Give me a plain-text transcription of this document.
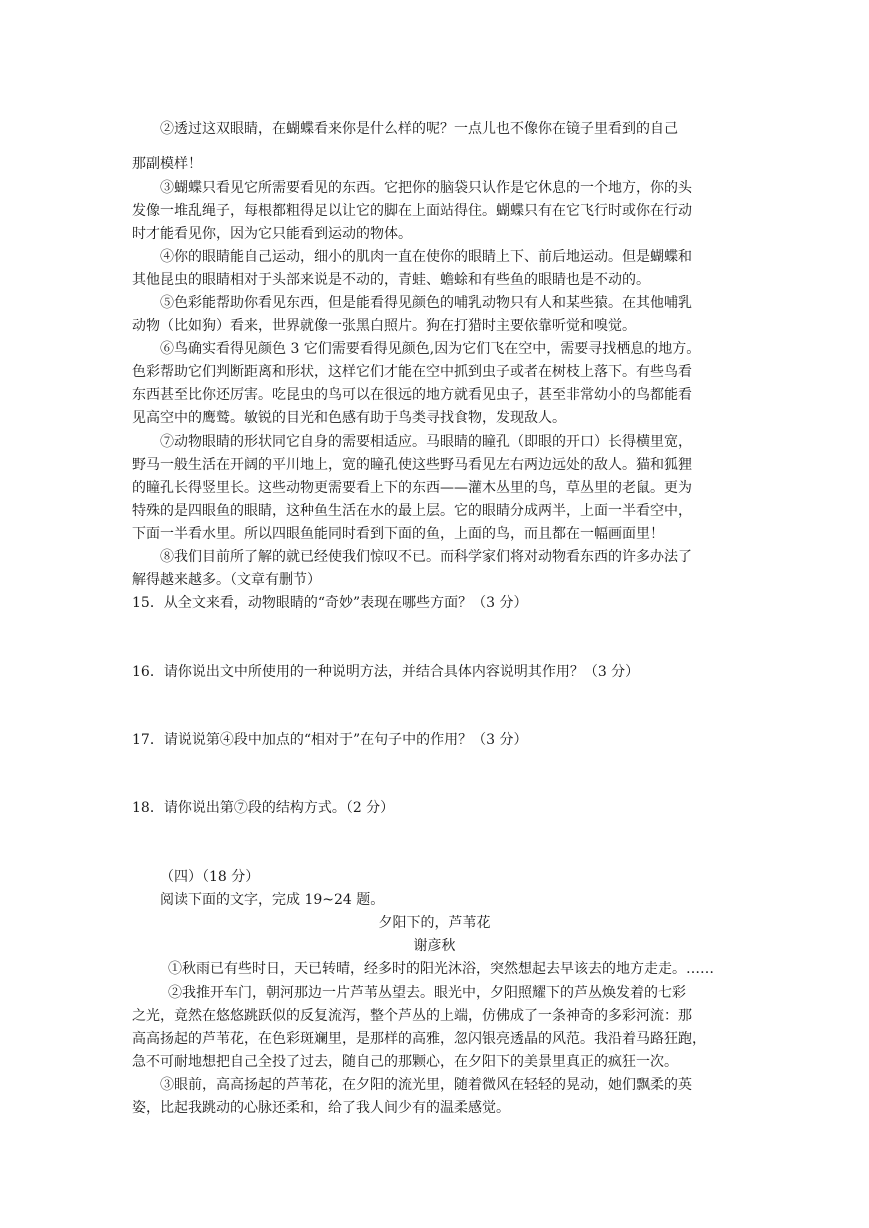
②透过这双眼睛，在蝴蝶看来你是什么样的呢？一点儿也不像你在镜子里看到的自己
那副模样！
③蝴蝶只看见它所需要看见的东西。它把你的脑袋只认作是它休息的一个地方，你的头
发像一堆乱绳子，每根都粗得足以让它的脚在上面站得住。蝴蝶只有在它飞行时或你在行动
时才能看见你，因为它只能看到运动的物体。
④你的眼睛能自己运动，细小的肌肉一直在使你的眼睛上下、前后地运动。但是蝴蝶和
其他昆虫的眼睛相对于头部来说是不动的，青蛙、蟾蜍和有些鱼的眼睛也是不动的。
⑤色彩能帮助你看见东西，但是能看得见颜色的哺乳动物只有人和某些猿。在其他哺乳
动物（比如狗）看来，世界就像一张黑白照片。狗在打猎时主要依靠听觉和嗅觉。
⑥鸟确实看得见颜色 3 它们需要看得见颜色,因为它们飞在空中，需要寻找栖息的地方。
色彩帮助它们判断距离和形状，这样它们才能在空中抓到虫子或者在树枝上落下。有些鸟看
东西甚至比你还厉害。吃昆虫的鸟可以在很远的地方就看见虫子，甚至非常幼小的鸟都能看
见高空中的鹰鹫。敏锐的目光和色感有助于鸟类寻找食物，发现敌人。
⑦动物眼睛的形状同它自身的需要相适应。马眼睛的瞳孔（即眼的开口）长得横里宽，
野马一般生活在开阔的平川地上，宽的瞳孔使这些野马看见左右两边远处的敌人。猫和狐狸
的瞳孔长得竖里长。这些动物更需要看上下的东西——灌木丛里的鸟，草丛里的老鼠。更为
特殊的是四眼鱼的眼睛，这种鱼生活在水的最上层。它的眼睛分成两半，上面一半看空中，
下面一半看水里。所以四眼鱼能同时看到下面的鱼，上面的鸟，而且都在一幅画面里！
⑧我们目前所了解的就已经使我们惊叹不已。而科学家们将对动物看东西的许多办法了
解得越来越多。（文章有删节）
15．从全文来看，动物眼睛的“奇妙”表现在哪些方面？（3 分）
16．请你说出文中所使用的一种说明方法，并结合具体内容说明其作用？（3 分）
17．请说说第④段中加点的“相对于”在句子中的作用？（3 分）
18．请你说出第⑦段的结构方式。（2 分）
（四）（18 分）
阅读下面的文字，完成 19~24 题。
夕阳下的，芦苇花
谢彦秋
①秋雨已有些时日，天已转晴，经多时的阳光沐浴，突然想起去早该去的地方走走。……
②我推开车门，朝河那边一片芦苇丛望去。眼光中，夕阳照耀下的芦丛焕发着的七彩
之光，竟然在悠悠跳跃似的反复流泻，整个芦丛的上端，仿佛成了一条神奇的多彩河流：那
高高扬起的芦苇花，在色彩斑斓里，是那样的高雅，忽闪银亮透晶的风范。我沿着马路狂跑，
急不可耐地想把自己全投了过去，随自己的那颗心，在夕阳下的美景里真正的疯狂一次。
③眼前，高高扬起的芦苇花，在夕阳的流光里，随着微风在轻轻的晃动，她们飘柔的英
姿，比起我跳动的心脉还柔和，给了我人间少有的温柔感觉。
